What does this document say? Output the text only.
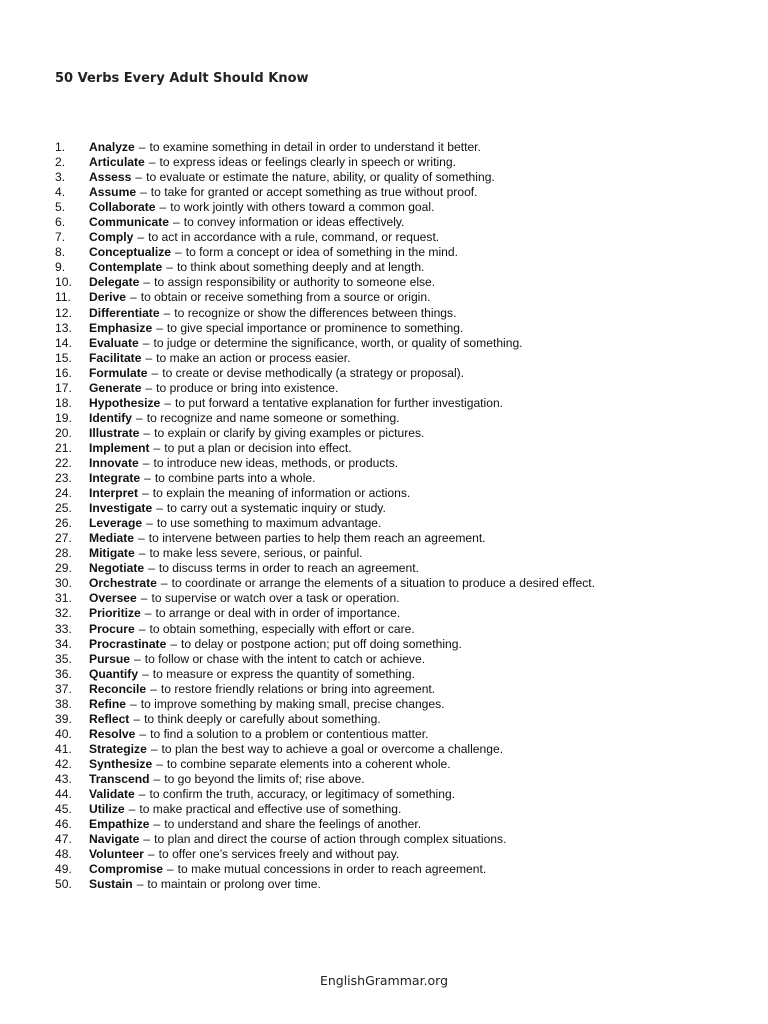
50 Verbs Every Adult Should Know
1.	Analyze – to examine something in detail in order to understand it better.
2.	Articulate – to express ideas or feelings clearly in speech or writing.
3.	Assess – to evaluate or estimate the nature, ability, or quality of something.
4.	Assume – to take for granted or accept something as true without proof.
5.	Collaborate – to work jointly with others toward a common goal.
6.	Communicate – to convey information or ideas effectively.
7.	Comply – to act in accordance with a rule, command, or request.
8.	Conceptualize – to form a concept or idea of something in the mind.
9.	Contemplate – to think about something deeply and at length.
10.	Delegate – to assign responsibility or authority to someone else.
11.	Derive – to obtain or receive something from a source or origin.
12.	Differentiate – to recognize or show the differences between things.
13.	Emphasize – to give special importance or prominence to something.
14.	Evaluate – to judge or determine the significance, worth, or quality of something.
15.	Facilitate – to make an action or process easier.
16.	Formulate – to create or devise methodically (a strategy or proposal).
17.	Generate – to produce or bring into existence.
18.	Hypothesize – to put forward a tentative explanation for further investigation.
19.	Identify – to recognize and name someone or something.
20.	Illustrate – to explain or clarify by giving examples or pictures.
21.	Implement – to put a plan or decision into effect.
22.	Innovate – to introduce new ideas, methods, or products.
23.	Integrate – to combine parts into a whole.
24.	Interpret – to explain the meaning of information or actions.
25.	Investigate – to carry out a systematic inquiry or study.
26.	Leverage – to use something to maximum advantage.
27.	Mediate – to intervene between parties to help them reach an agreement.
28.	Mitigate – to make less severe, serious, or painful.
29.	Negotiate – to discuss terms in order to reach an agreement.
30.	Orchestrate – to coordinate or arrange the elements of a situation to produce a desired effect.
31.	Oversee – to supervise or watch over a task or operation.
32.	Prioritize – to arrange or deal with in order of importance.
33.	Procure – to obtain something, especially with effort or care.
34.	Procrastinate – to delay or postpone action; put off doing something.
35.	Pursue – to follow or chase with the intent to catch or achieve.
36.	Quantify – to measure or express the quantity of something.
37.	Reconcile – to restore friendly relations or bring into agreement.
38.	Refine – to improve something by making small, precise changes.
39.	Reflect – to think deeply or carefully about something.
40.	Resolve – to find a solution to a problem or contentious matter.
41.	Strategize – to plan the best way to achieve a goal or overcome a challenge.
42.	Synthesize – to combine separate elements into a coherent whole.
43.	Transcend – to go beyond the limits of; rise above.
44.	Validate – to confirm the truth, accuracy, or legitimacy of something.
45.	Utilize – to make practical and effective use of something.
46.	Empathize – to understand and share the feelings of another.
47.	Navigate – to plan and direct the course of action through complex situations.
48.	Volunteer – to offer one’s services freely and without pay.
49.	Compromise – to make mutual concessions in order to reach agreement.
50.	Sustain – to maintain or prolong over time.
EnglishGrammar.org
